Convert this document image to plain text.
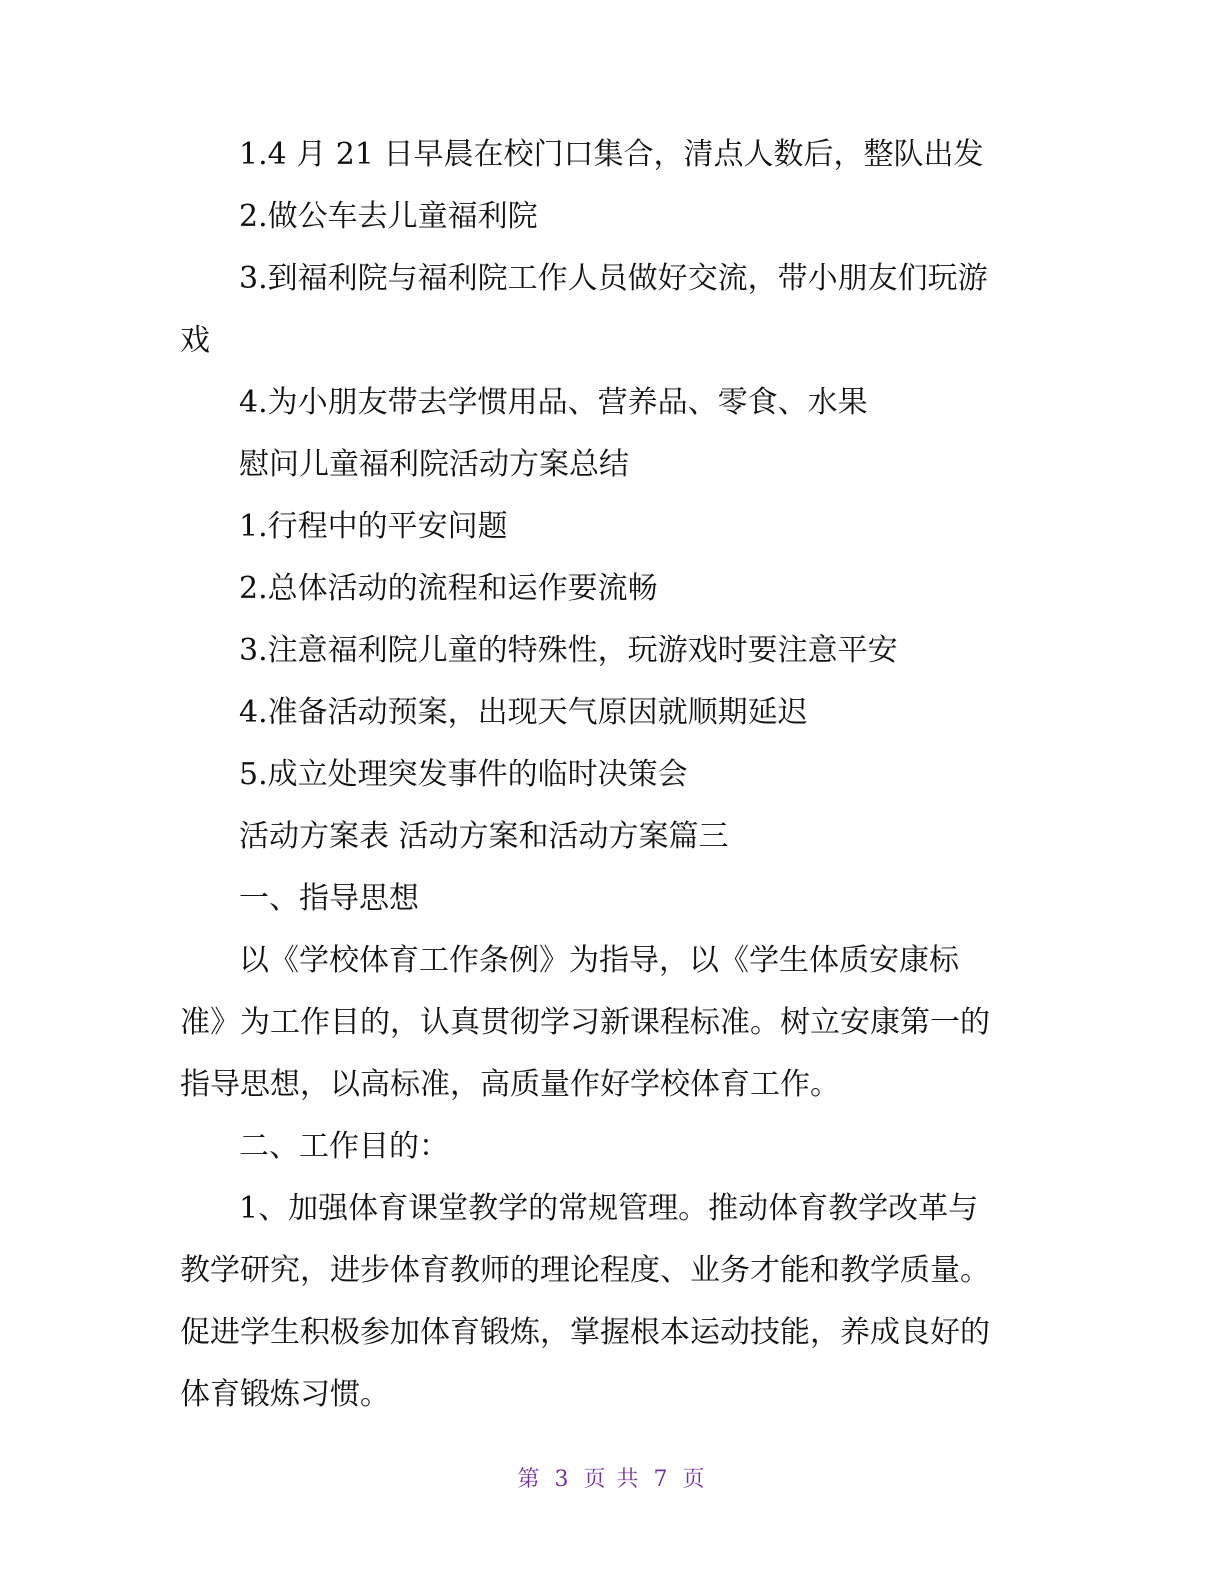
1.4 月 21 日早晨在校门口集合，清点人数后，整队出发

2.做公车去儿童福利院

3.到福利院与福利院工作人员做好交流，带小朋友们玩游

戏

4.为小朋友带去学惯用品、营养品、零食、水果

慰问儿童福利院活动方案总结

1.行程中的平安问题

2.总体活动的流程和运作要流畅

3.注意福利院儿童的特殊性，玩游戏时要注意平安

4.准备活动预案，出现天气原因就顺期延迟

5.成立处理突发事件的临时决策会

活动方案表 活动方案和活动方案篇三

一、指导思想

以《学校体育工作条例》为指导，以《学生体质安康标

准》为工作目的，认真贯彻学习新课程标准。树立安康第一的

指导思想，以高标准，高质量作好学校体育工作。

二、工作目的：

1、加强体育课堂教学的常规管理。推动体育教学改革与

教学研究，进步体育教师的理论程度、业务才能和教学质量。

促进学生积极参加体育锻炼，掌握根本运动技能，养成良好的

体育锻炼习惯。

第 3 页 共 7 页
